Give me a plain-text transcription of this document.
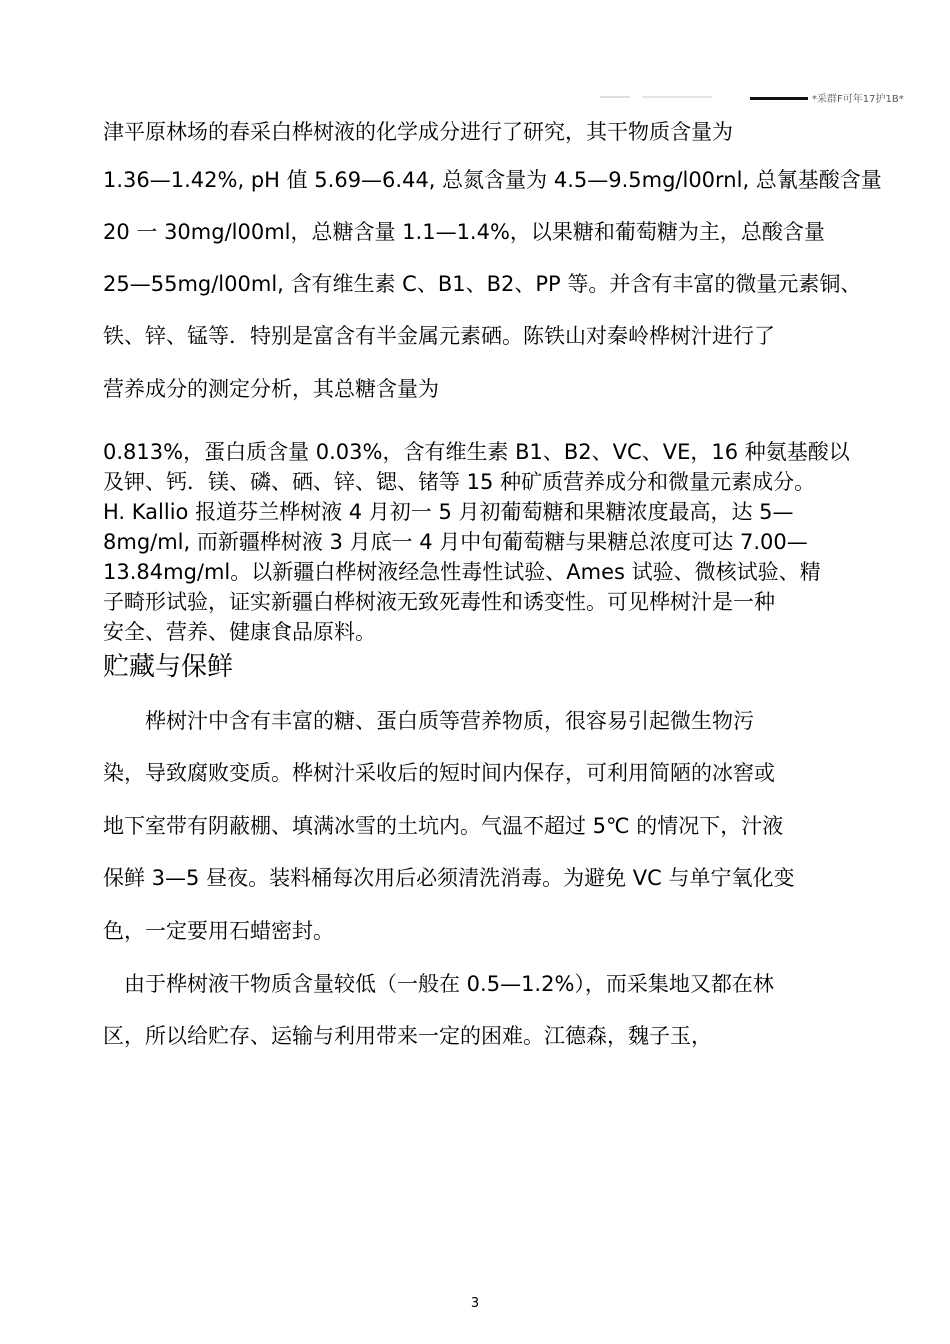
*采群F可年17护1B*
津平原林场的春采白桦树液的化学成分进行了研究，其干物质含量为
1.36—1.42%, pH 值 5.69—6.44, 总氮含量为 4.5—9.5mg/l00rnl, 总氰基酸含量
20 一 30mg/l00ml，总糖含量 1.1—1.4%，以果糖和葡萄糖为主，总酸含量
25—55mg/l00ml, 含有维生素 C、B1、B2、PP 等。并含有丰富的微量元素铜、
铁、锌、锰等．特别是富含有半金属元素硒。陈铁山对秦岭桦树汁进行了
营养成分的测定分析，其总糖含量为

0.813%，蛋白质含量 0.03%，含有维生素 B1、B2、VC、VE，16 种氨基酸以

及钾、钙．镁、磷、硒、锌、锶、锗等 15 种矿质营养成分和微量元素成分。

H. Kallio 报道芬兰桦树液 4 月初一 5 月初葡萄糖和果糖浓度最高，达 5—

8mg/ml, 而新疆桦树液 3 月底一 4 月中旬葡萄糖与果糖总浓度可达 7.00—

13.84mg/ml。以新疆白桦树液经急性毒性试验、Ames 试验、微核试验、精

子畸形试验，证实新疆白桦树液无致死毒性和诱变性。可见桦树汁是一种

安全、营养、健康食品原料。

贮藏与保鲜
　　桦树汁中含有丰富的糖、蛋白质等营养物质，很容易引起微生物污
染，导致腐败变质。桦树汁采收后的短时间内保存，可利用简陋的冰窖或
地下室带有阴蔽棚、填满冰雪的土坑内。气温不超过 5℃ 的情况下，汁液
保鲜 3—5 昼夜。装料桶每次用后必须清洗消毒。为避免 VC 与单宁氧化变
色，一定要用石蜡密封。
　由于桦树液干物质含量较低（一般在 0.5—1.2%），而采集地又都在林
区，所以给贮存、运输与利用带来一定的困难。江德森，魏子玉，
3
